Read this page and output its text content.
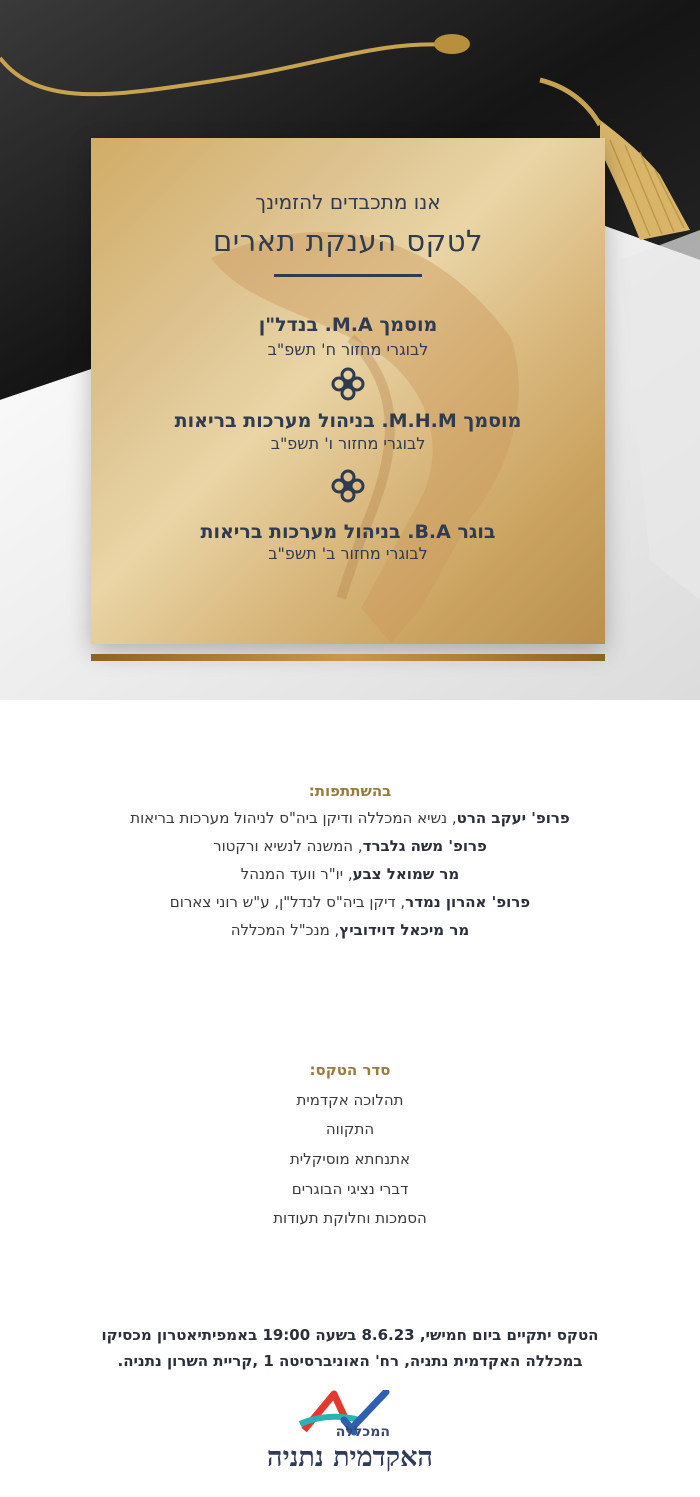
אנו מתכבדים להזמינך
לטקס הענקת תארים
מוסמך M.A. בנדל"ן
לבוגרי מחזור ח' תשפ"ב
מוסמך M.H.M. בניהול מערכות בריאות
לבוגרי מחזור ו' תשפ"ב
בוגר B.A. בניהול מערכות בריאות
לבוגרי מחזור ב' תשפ"ב
בהשתתפות:
פרופ' יעקב הרט, נשיא המכללה ודיקן ביה"ס לניהול מערכות בריאות
פרופ' משה גלברד, המשנה לנשיא ורקטור
מר שמואל צבע, יו"ר וועד המנהל
פרופ' אהרון נמדר, דיקן ביה"ס לנדל"ן, ע"ש רוני צארום
מר מיכאל דוידוביץ, מנכ"ל המכללה
סדר הטקס:
תהלוכה אקדמית
התקווה
אתנחתא מוסיקלית
דברי נציגי הבוגרים
הסמכות וחלוקת תעודות
הטקס יתקיים ביום חמישי, 8.6.23 בשעה 19:00 באמפיתיאטרון מכסיקו
במכללה האקדמית נתניה, רח' האוניברסיטה 1 ,קריית השרון נתניה.
המכללה
האקדמית נתניה
